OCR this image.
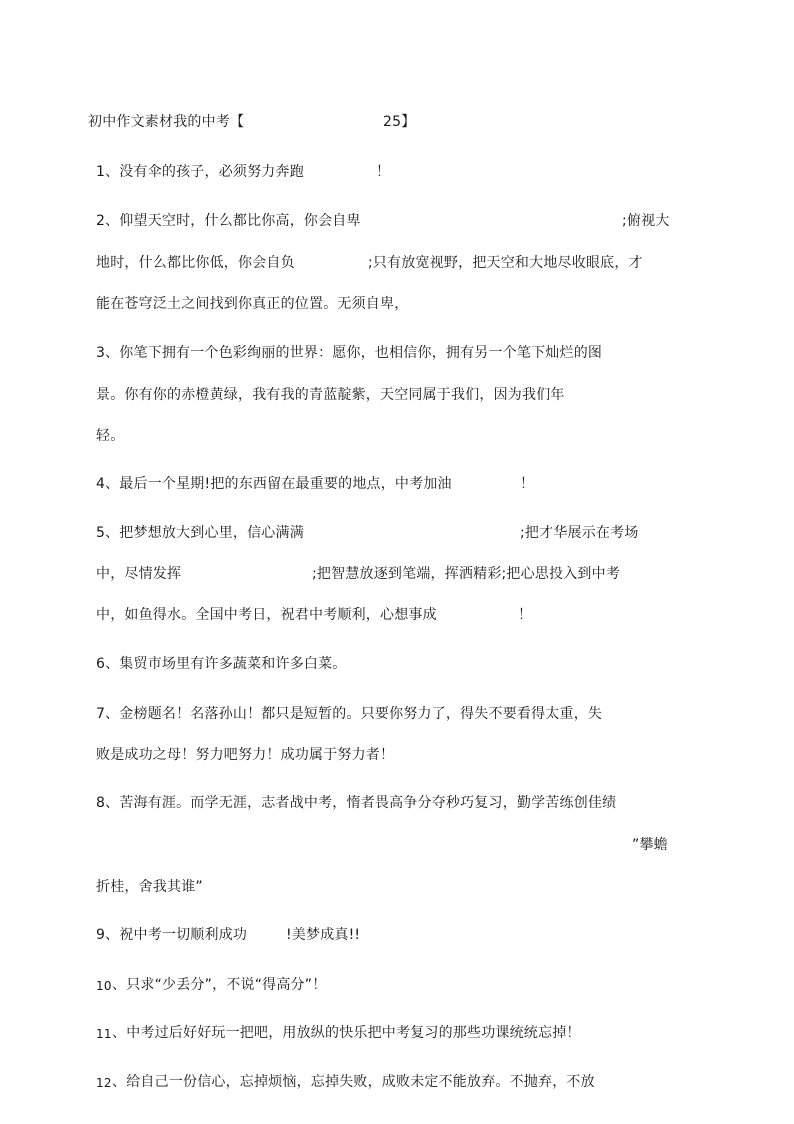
初中作文素材我的中考【	25】
1、没有伞的孩子，必须努力奔跑	！
2、仰望天空时，什么都比你高，你会自卑	;俯视大
地时，什么都比你低，你会自负	;只有放宽视野，把天空和大地尽收眼底，才
能在苍穹泛土之间找到你真正的位置。无须自卑，
3、你笔下拥有一个色彩绚丽的世界：愿你，也相信你，拥有另一个笔下灿烂的图
景。你有你的赤橙黄绿，我有我的青蓝靛紫，天空同属于我们，因为我们年
轻。
4、最后一个星期!把的东西留在最重要的地点，中考加油	！
5、把梦想放大到心里，信心满满	;把才华展示在考场
中，尽情发挥	;把智慧放逐到笔端，挥洒精彩;把心思投入到中考
中，如鱼得水。全国中考日，祝君中考顺利，心想事成	！
6、集贸市场里有许多蔬菜和许多白菜。
7、金榜题名！名落孙山！都只是短暂的。只要你努力了，得失不要看得太重，失
败是成功之母！努力吧努力！成功属于努力者！
8、苦海有涯。而学无涯，志者战中考，惰者畏高争分夺秒巧复习，勤学苦练创佳绩
”攀蟾
折桂，舍我其谁”
9、祝中考一切顺利成功	!美梦成真!!
10 、只求“少丢分”，不说“得高分”！
11 、中考过后好好玩一把吧，用放纵的快乐把中考复习的那些功课统统忘掉！
12 、给自己一份信心，忘掉烦恼，忘掉失败，成败未定不能放弃。不抛弃，不放
